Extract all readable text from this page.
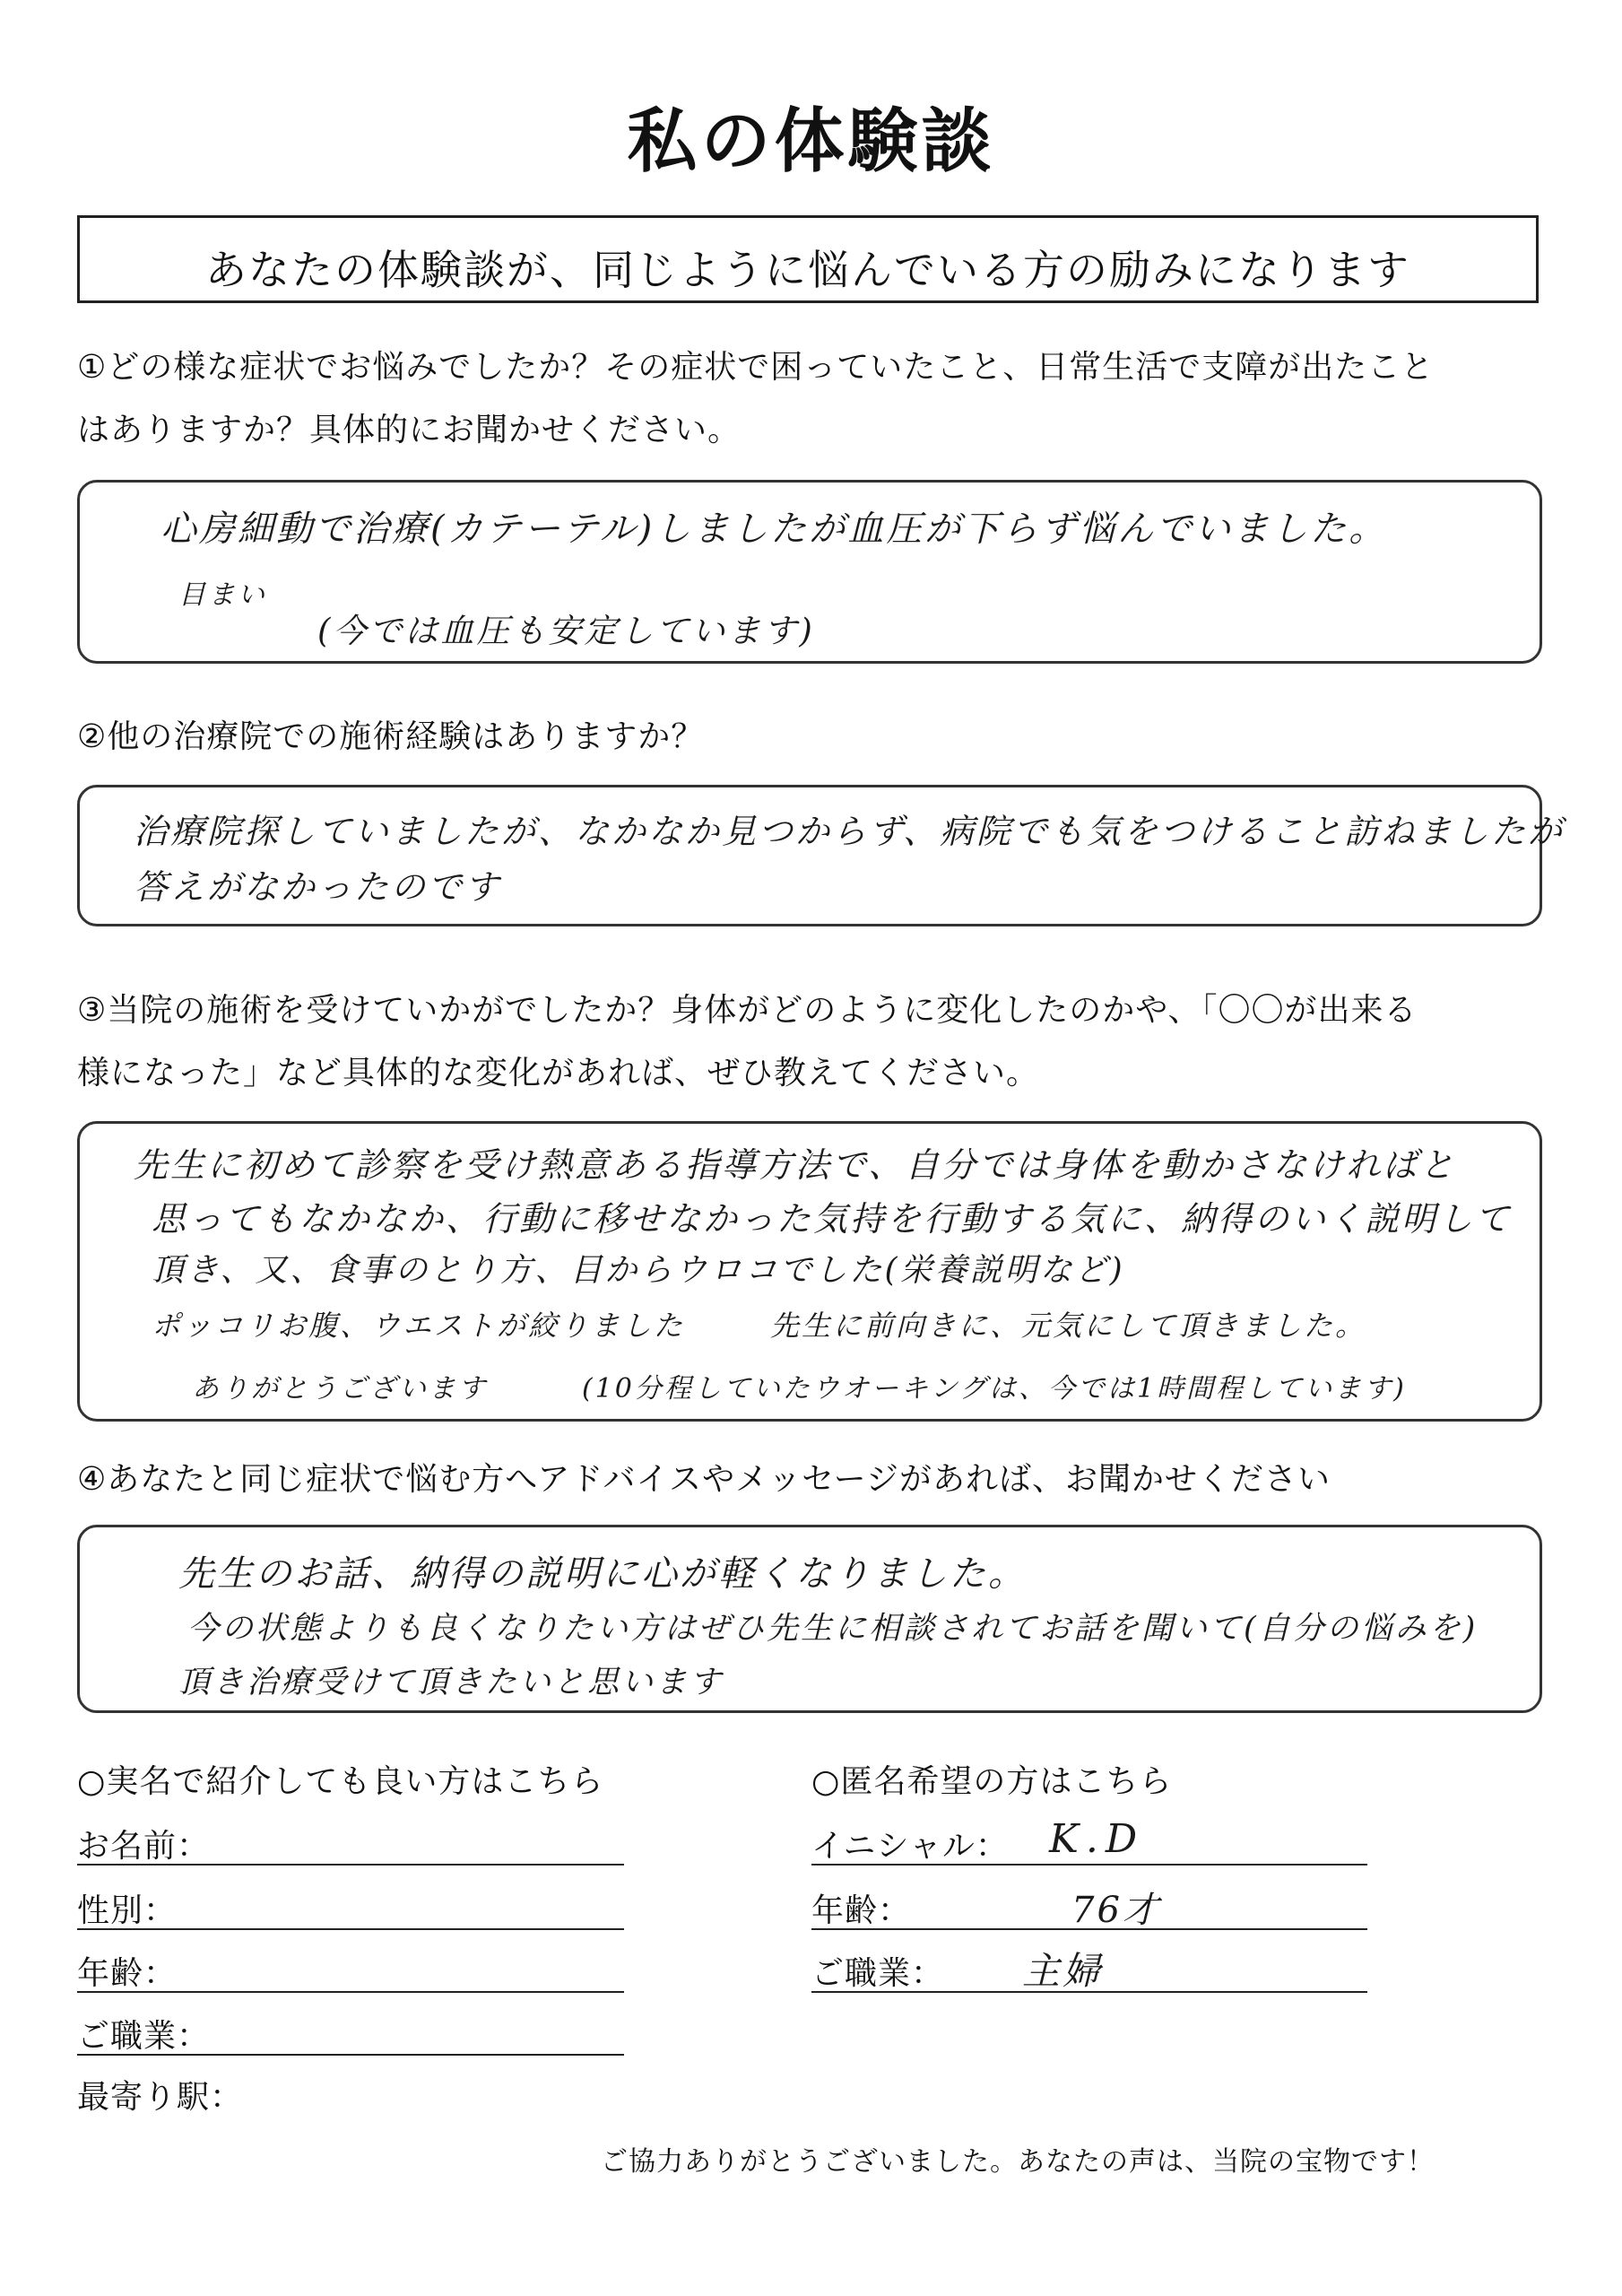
私の体験談
あなたの体験談が、同じように悩んでいる方の励みになります
①どの様な症状でお悩みでしたか？その症状で困っていたこと、日常生活で支障が出たこと
はありますか？具体的にお聞かせください。
心房細動で治療(カテーテル)しましたが血圧が下らず悩んでいました。
目まい
(今では血圧も安定しています)
②他の治療院での施術経験はありますか？
治療院探していましたが、なかなか見つからず、病院でも気をつけること訪ねましたが
答えがなかったのです
③当院の施術を受けていかがでしたか？身体がどのように変化したのかや、「〇〇が出来る
様になった」など具体的な変化があれば、ぜひ教えてください。
先生に初めて診察を受け熱意ある指導方法で、自分では身体を動かさなければと
思ってもなかなか、行動に移せなかった気持を行動する気に、納得のいく説明して
頂き、又、食事のとり方、目からウロコでした(栄養説明など)
ポッコリお腹、ウエストが絞りました	先生に前向きに、元気にして頂きました。
ありがとうございます	(10分程していたウオーキングは、今では1時間程しています)
④あなたと同じ症状で悩む方へアドバイスやメッセージがあれば、お聞かせください
先生のお話、納得の説明に心が軽くなりました。
今の状態よりも良くなりたい方はぜひ先生に相談されてお話を聞いて(自分の悩みを)
頂き治療受けて頂きたいと思います
○実名で紹介しても良い方はこちら
お名前：
性別：
年齢：
ご職業：
最寄り駅：
○匿名希望の方はこちら
イニシャル： K.D
年齢：	76才
ご職業： 主婦
ご協力ありがとうございました。あなたの声は、当院の宝物です！
